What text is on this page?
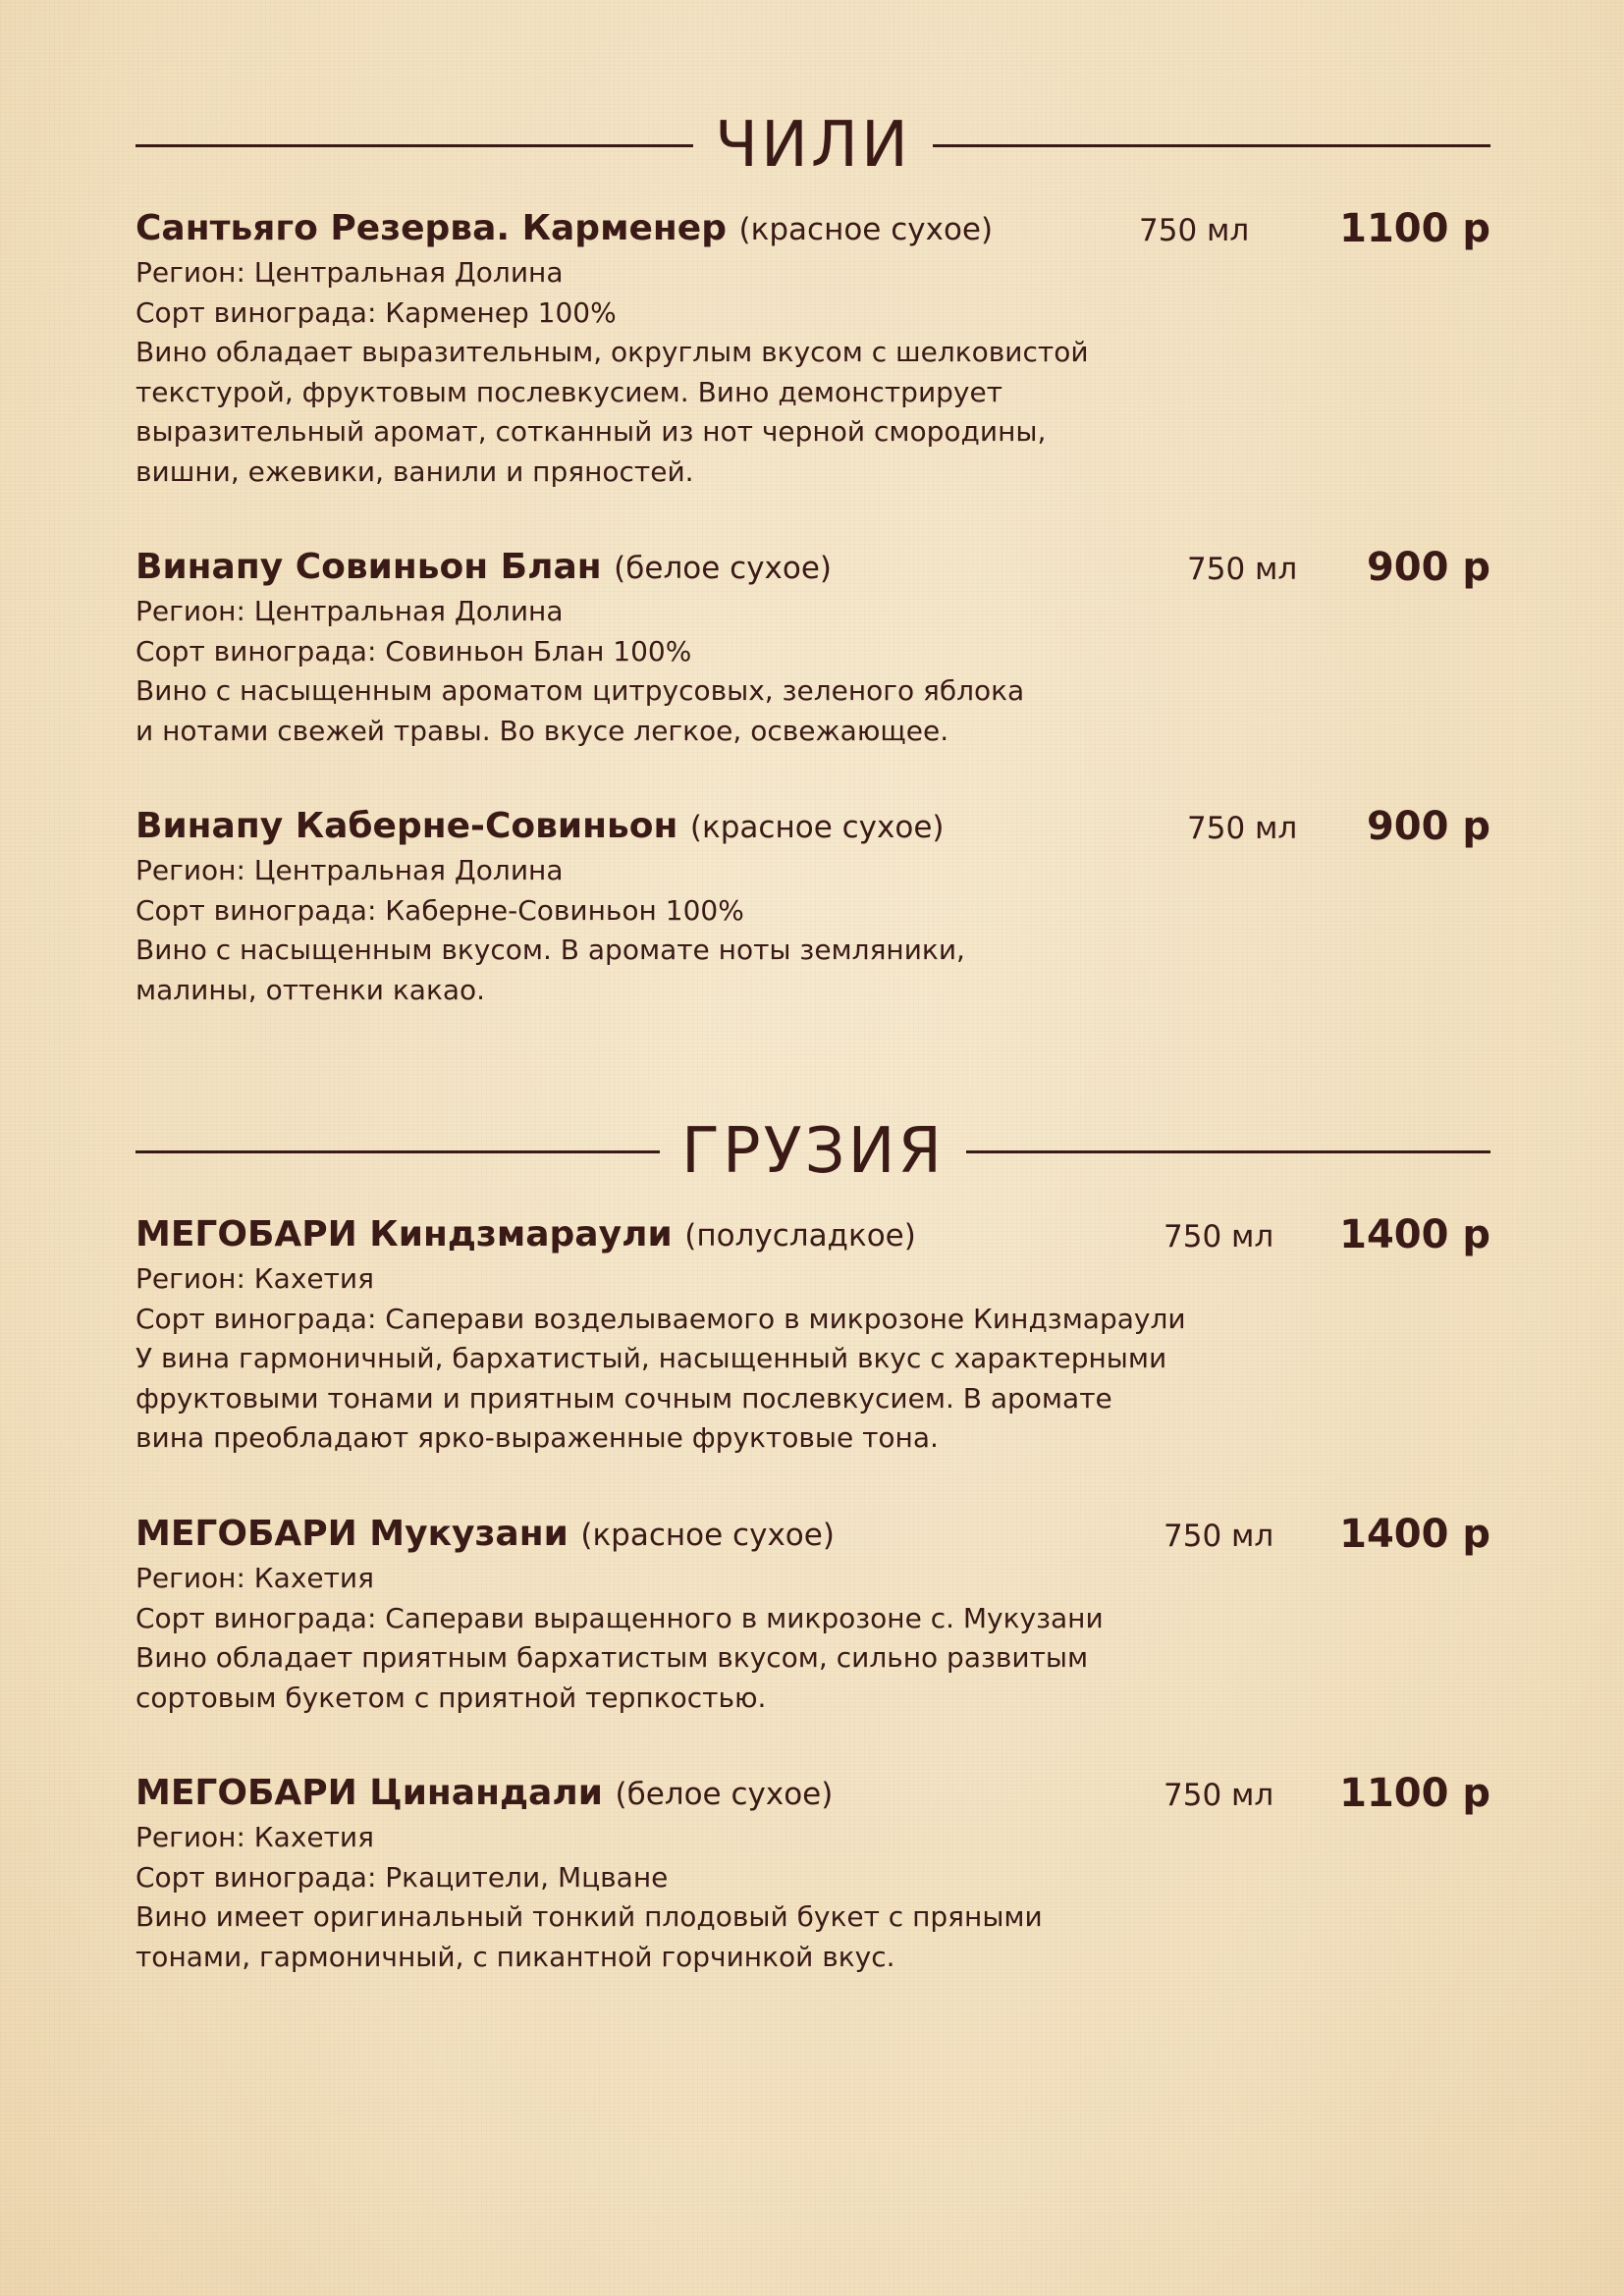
ЧИЛИ
Сантьяго Резерва. Карменер (красное сухое)	750 мл 1100 р
Регион: Центральная Долина
Сорт винограда: Карменер 100%
Вино обладает выразительным, округлым вкусом с шелковистой
текстурой, фруктовым послевкусием. Вино демонстрирует
выразительный аромат, сотканный из нот черной смородины,
вишни, ежевики, ванили и пряностей.
Винапу Совиньон Блан (белое сухое)	750 мл 900 р
Регион: Центральная Долина
Сорт винограда: Совиньон Блан 100%
Вино с насыщенным ароматом цитрусовых, зеленого яблока
и нотами свежей травы. Во вкусе легкое, освежающее.
Винапу Каберне-Совиньон (красное сухое)	750 мл 900 р
Регион: Центральная Долина
Сорт винограда: Каберне-Совиньон 100%
Вино с насыщенным вкусом. В аромате ноты земляники,
малины, оттенки какао.
ГРУЗИЯ
МЕГОБАРИ Киндзмараули (полусладкое)	750 мл 1400 р
Регион: Кахетия
Сорт винограда: Саперави возделываемого в микрозоне Киндзмараули
У вина гармоничный, бархатистый, насыщенный вкус с характерными
фруктовыми тонами и приятным сочным послевкусием. В аромате
вина преобладают ярко-выраженные фруктовые тона.
МЕГОБАРИ Мукузани (красное сухое)	750 мл 1400 р
Регион: Кахетия
Сорт винограда: Саперави выращенного в микрозоне с. Мукузани
Вино обладает приятным бархатистым вкусом, сильно развитым
сортовым букетом с приятной терпкостью.
МЕГОБАРИ Цинандали (белое сухое)	750 мл 1100 р
Регион: Кахетия
Сорт винограда: Ркацители, Мцване
Вино имеет оригинальный тонкий плодовый букет с пряными
тонами, гармоничный, с пикантной горчинкой вкус.
